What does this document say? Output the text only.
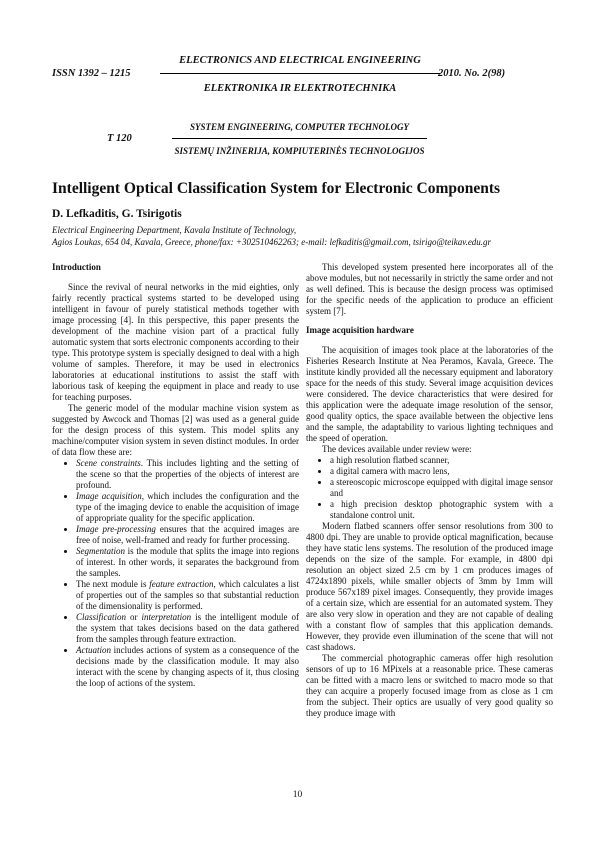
ISSN 1392 – 1215
ELECTRONICS AND ELECTRICAL ENGINEERING
ELEKTRONIKA IR ELEKTROTECHNIKA
2010. No. 2(98)
T 120
SYSTEM ENGINEERING, COMPUTER TECHNOLOGY
SISTEMŲ INŽINERIJA, KOMPIUTERINĖS TECHNOLOGIJOS
Intelligent Optical Classification System for Electronic Components
D. Lefkaditis, G. Tsirigotis
Electrical Engineering Department, Kavala Institute of Technology,
Agios Loukas, 654 04, Kavala, Greece, phone/fax: +302510462263; e-mail: lefkaditis@gmail.com, tsirigo@teikav.edu.gr
Introduction

Since the revival of neural networks in the mid eighties, only fairly recently practical systems started to be developed using intelligent in favour of purely statistical methods together with image processing [4]. In this perspective, this paper presents the development of the machine vision part of a practical fully automatic system that sorts electronic components according to their type. This prototype system is specially designed to deal with a high volume of samples. Therefore, it may be used in electronics laboratories at educational institutions to assist the staff with laborious task of keeping the equipment in place and ready to use for teaching purposes.

The generic model of the modular machine vision system as suggested by Awcock and Thomas [2] was used as a general guide for the design process of this system. This model splits any machine/computer vision system in seven distinct modules. In order of data flow these are:

• Scene constraints. This includes lighting and the setting of the scene so that the properties of the objects of interest are profound.
• Image acquisition, which includes the configuration and the type of the imaging device to enable the acquisition of image of appropriate quality for the specific application.
• Image pre-processing ensures that the acquired images are free of noise, well-framed and ready for further processing.
• Segmentation is the module that splits the image into regions of interest. In other words, it separates the background from the samples.
• The next module is feature extraction, which calculates a list of properties out of the samples so that substantial reduction of the dimensionality is performed.
• Classification or interpretation is the intelligent module of the system that takes decisions based on the data gathered from the samples through feature extraction.
• Actuation includes actions of system as a consequence of the decisions made by the classification module. It may also interact with the scene by changing aspects of it, thus closing the loop of actions of the system.

This developed system presented here incorporates all of the above modules, but not necessarily in strictly the same order and not as well defined. This is because the design process was optimised for the specific needs of the application to produce an efficient system [7].

Image acquisition hardware

The acquisition of images took place at the laboratories of the Fisheries Research Institute at Nea Peramos, Kavala, Greece. The institute kindly provided all the necessary equipment and laboratory space for the needs of this study. Several image acquisition devices were considered. The device characteristics that were desired for this application were the adequate image resolution of the sensor, good quality optics, the space available between the objective lens and the sample, the adaptability to various lighting techniques and the speed of operation.

The devices available under review were:

• a high resolution flatbed scanner,
• a digital camera with macro lens,
• a stereoscopic microscope equipped with digital image sensor and
• a high precision desktop photographic system with a standalone control unit.

Modern flatbed scanners offer sensor resolutions from 300 to 4800 dpi. They are unable to provide optical magnification, because they have static lens systems. The resolution of the produced image depends on the size of the sample. For example, in 4800 dpi resolution an object sized 2.5 cm by 1 cm produces images of 4724x1890 pixels, while smaller objects of 3mm by 1mm will produce 567x189 pixel images. Consequently, they provide images of a certain size, which are essential for an automated system. They are also very slow in operation and they are not capable of dealing with a constant flow of samples that this application demands. However, they provide even illumination of the scene that will not cast shadows.

The commercial photographic cameras offer high resolution sensors of up to 16 MPixels at a reasonable price. These cameras can be fitted with a macro lens or switched to macro mode so that they can acquire a properly focused image from as close as 1 cm from the subject. Their optics are usually of very good quality so they produce image with

10
